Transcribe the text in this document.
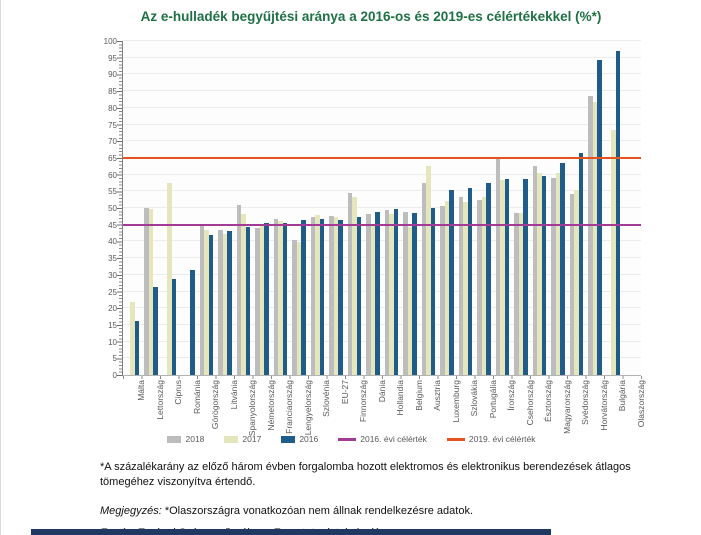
Az e-hulladék begyűjtési aránya a 2016-os és 2019-es célértékekkel (%*)
0
5
10
15
20
25
30
35
40
45
50
55
60
65
70
75
80
85
90
95
100
Málta Lettország Ciprus Románia Görögország Litvánia Spanyolország Németország Franciaország Lengyelország Szlovénia EU-27 Finnország Dánia Hollandia Belgium Ausztria Luxemburg Szlovákia Portugália Írország Csehország Észtország Magyarország Svédország Horvátország Bulgária Olaszország
2018	2017	2016	2016. évi célérték	2019. évi célérték

*A százalékarány az előző három évben forgalomba hozott elektromos és elektronikus berendezések átlagos tömegéhez viszonyítva értendő.

Megjegyzés: *Olaszországra vonatkozóan nem állnak rendelkezésre adatok.
